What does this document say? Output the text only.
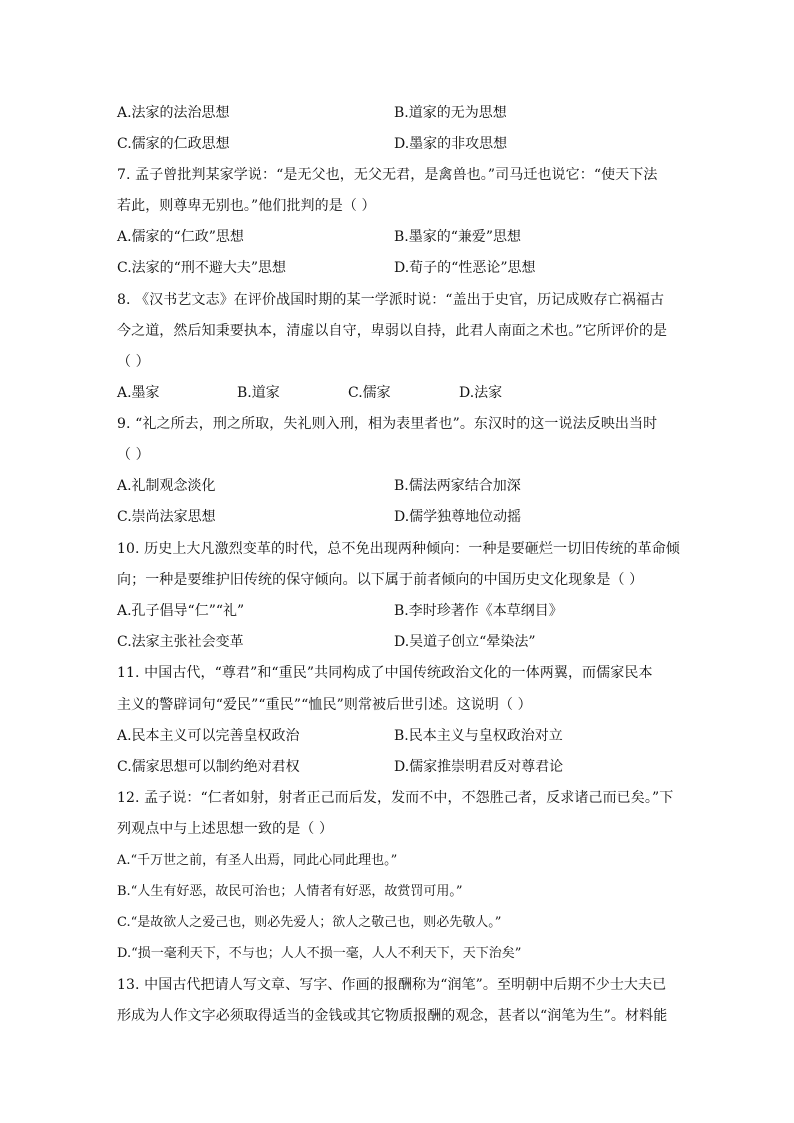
A.法家的法治思想	B.道家的无为思想
C.儒家的仁政思想	D.墨家的非攻思想
7. 孟子曾批判某家学说：“是无父也，无父无君，是禽兽也。”司马迁也说它：“使天下法
若此，则尊卑无别也。”他们批判的是（ ）
A.儒家的“仁政”思想	B.墨家的“兼爱”思想
C.法家的“刑不避大夫”思想	D.荀子的“性恶论”思想
8. 《汉书艺文志》在评价战国时期的某一学派时说：“盖出于史官，历记成败存亡祸福古
今之道，然后知秉要执本，清虚以自守，卑弱以自持，此君人南面之术也。”它所评价的是
（ ）
A.墨家	B.道家	C.儒家	D.法家
9. “礼之所去，刑之所取，失礼则入刑，相为表里者也”。东汉时的这一说法反映出当时
（ ）
A.礼制观念淡化	B.儒法两家结合加深
C.崇尚法家思想	D.儒学独尊地位动摇
10. 历史上大凡激烈变革的时代，总不免出现两种倾向：一种是要砸烂一切旧传统的革命倾
向；一种是要维护旧传统的保守倾向。以下属于前者倾向的中国历史文化现象是（ ）
A.孔子倡导“仁”“礼”	B.李时珍著作《本草纲目》
C.法家主张社会变革	D.吴道子创立“晕染法”
11. 中国古代，“尊君”和“重民”共同构成了中国传统政治文化的一体两翼，而儒家民本
主义的警辟词句“爱民”“重民”“恤民”则常被后世引述。这说明（ ）
A.民本主义可以完善皇权政治	B.民本主义与皇权政治对立
C.儒家思想可以制约绝对君权	D.儒家推崇明君反对尊君论
12. 孟子说：“仁者如射，射者正己而后发，发而不中，不怨胜己者，反求诸己而已矣。”下
列观点中与上述思想一致的是（ ）
A.“千万世之前，有圣人出焉，同此心同此理也。”
B.“人生有好恶，故民可治也；人情者有好恶，故赏罚可用。”
C.“是故欲人之爱己也，则必先爱人；欲人之敬己也，则必先敬人。”
D.“损一毫利天下，不与也；人人不损一毫，人人不利天下，天下治矣”
13. 中国古代把请人写文章、写字、作画的报酬称为“润笔”。至明朝中后期不少士大夫已
形成为人作文字必须取得适当的金钱或其它物质报酬的观念，甚者以“润笔为生”。材料能
